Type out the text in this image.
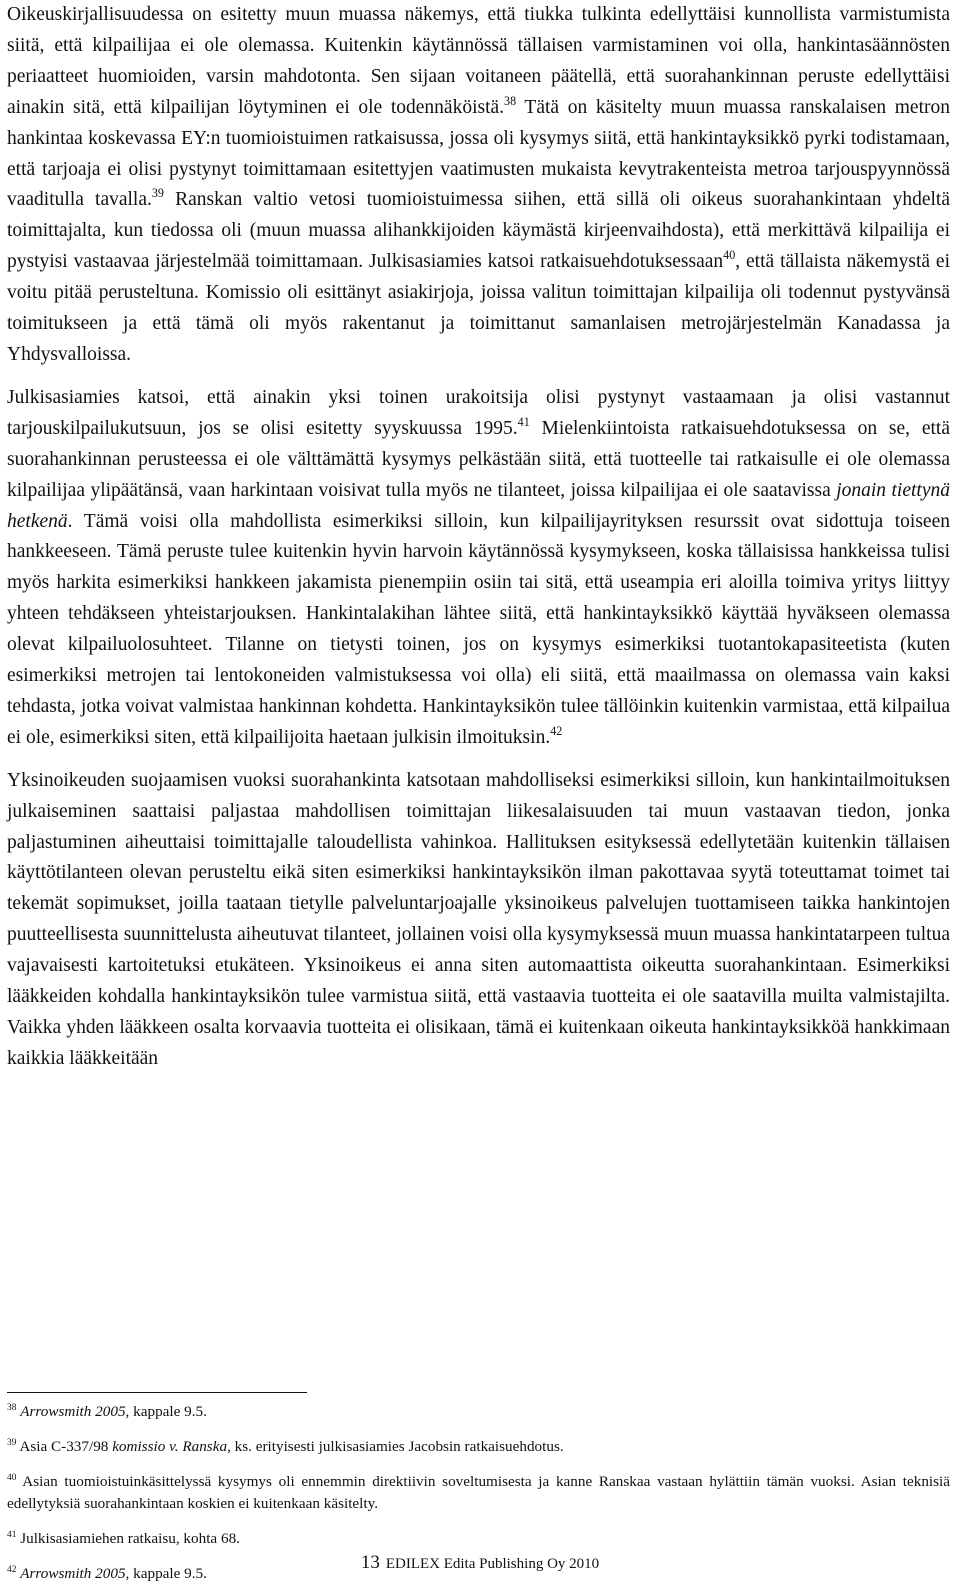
Oikeuskirjallisuudessa on esitetty muun muassa näkemys, että tiukka tulkinta edellyttäisi kunnollista varmistumista siitä, että kilpailijaa ei ole olemassa. Kuitenkin käytännössä tällaisen varmistaminen voi olla, hankintasäännösten periaatteet huomioiden, varsin mahdotonta. Sen sijaan voitaneen päätellä, että suorahankinnan peruste edellyttäisi ainakin sitä, että kilpailijan löytyminen ei ole todennäköistä.$^{38}$ Tätä on käsitelty muun muassa ranskalaisen metron hankintaa koskevassa EY:n tuomioistuimen ratkaisussa, jossa oli kysymys siitä, että hankintayksikkö pyrki todistamaan, että tarjoaja ei olisi pystynyt toimittamaan esitettyjen vaatimusten mukaista kevytrakenteista metroa tarjouspyynnössä vaaditulla tavalla.$^{39}$ Ranskan valtio vetosi tuomioistuimessa siihen, että sillä oli oikeus suorahankintaan yhdeltä toimittajalta, kun tiedossa oli (muun muassa alihankkijoiden käymästä kirjeenvaihdosta), että merkittävä kilpailija ei pystyisi vastaavaa järjestelmää toimittamaan. Julkisasiamies katsoi ratkaisuehdotuksessaan$^{40}$, että tällaista näkemystä ei voitu pitää perusteltuna. Komissio oli esittänyt asiakirjoja, joissa valitun toimittajan kilpailija oli todennut pystyvänsä toimitukseen ja että tämä oli myös rakentanut ja toimittanut samanlaisen metrojärjestelmän Kanadassa ja Yhdysvalloissa.

Julkisasiamies katsoi, että ainakin yksi toinen urakoitsija olisi pystynyt vastaamaan ja olisi vastannut tarjouskilpailukutsuun, jos se olisi esitetty syyskuussa 1995.41 Mielenkiintoista ratkaisuehdotuksessa on se, että suorahankinnan perusteessa ei ole välttämättä kysymys pelkästään siitä, että tuotteelle tai ratkaisulle ei ole olemassa kilpailijaa ylipäätänsä, vaan harkintaan voisivat tulla myös ne tilanteet, joissa kilpailijaa ei ole saatavissa jonain tiettynä hetkenä. Tämä voisi olla mahdollista esimerkiksi silloin, kun kilpailijayrityksen resurssit ovat sidottuja toiseen hankkeeseen. Tämä peruste tulee kuitenkin hyvin harvoin käytännössä kysymykseen, koska tällaisissa hankkeissa tulisi myös harkita esimerkiksi hankkeen jakamista pienempiin osiin tai sitä, että useampia eri aloilla toimiva yritys liittyy yhteen tehdäkseen yhteistarjouksen. Hankintalakihan lähtee siitä, että hankintayksikkö käyttää hyväkseen olemassa olevat kilpailuolosuhteet. Tilanne on tietysti toinen, jos on kysymys esimerkiksi tuotantokapasiteetista (kuten esimerkiksi metrojen tai lentokoneiden valmistuksessa voi olla) eli siitä, että maailmassa on olemassa vain kaksi tehdasta, jotka voivat valmistaa hankinnan kohdetta. Hankintayksikön tulee tällöinkin kuitenkin varmistaa, että kilpailua ei ole, esimerkiksi siten, että kilpailijoita haetaan julkisin ilmoituksin.$^{42}$

Yksinoikeuden suojaamisen vuoksi suorahankinta katsotaan mahdolliseksi esimerkiksi silloin, kun hankintailmoituksen julkaiseminen saattaisi paljastaa mahdollisen toimittajan liikesalaisuuden tai muun vastaavan tiedon, jonka paljastuminen aiheuttaisi toimittajalle taloudellista vahinkoa. Hallituksen esityksessä edellytetään kuitenkin tällaisen käyttötilanteen olevan perusteltu eikä siten esimerkiksi hankintayksikön ilman pakottavaa syytä toteuttamat toimet tai tekemät sopimukset, joilla taataan tietylle palveluntarjoajalle yksinoikeus palvelujen tuottamiseen taikka hankintojen puutteellisesta suunnittelusta aiheutuvat tilanteet, jollainen voisi olla kysymyksessä muun muassa hankintatarpeen tultua vajavaisesti kartoitetuksi etukäteen. Yksinoikeus ei anna siten automaattista oikeutta suorahankintaan. Esimerkiksi lääkkeiden kohdalla hankintayksikön tulee varmistua siitä, että vastaavia tuotteita ei ole saatavilla muilta valmistajilta. Vaikka yhden lääkkeen osalta korvaavia tuotteita ei olisikaan, tämä ei kuitenkaan oikeuta hankintayksikköä hankkimaan kaikkia lääkkeitään

$^{38}$ Arrowsmith 2005, kappale 9.5.

$^{39}$ Asia C-337/98 komissio v. Ranska, ks. erityisesti julkisasiamies Jacobsin ratkaisuehdotus.

$^{40}$ Asian tuomioistuinkäsittelyssä kysymys oli ennemmin direktiivin soveltumisesta ja kanne Ranskaa vastaan hylättiin tämän vuoksi. Asian teknisiä edellytyksiä suorahankintaan koskien ei kuitenkaan käsitelty.

$^{41}$ Julkisasiamiehen ratkaisu, kohta 68.

$^{42}$ Arrowsmith 2005, kappale 9.5.

13 EDILEX Edita Publishing Oy 2010
